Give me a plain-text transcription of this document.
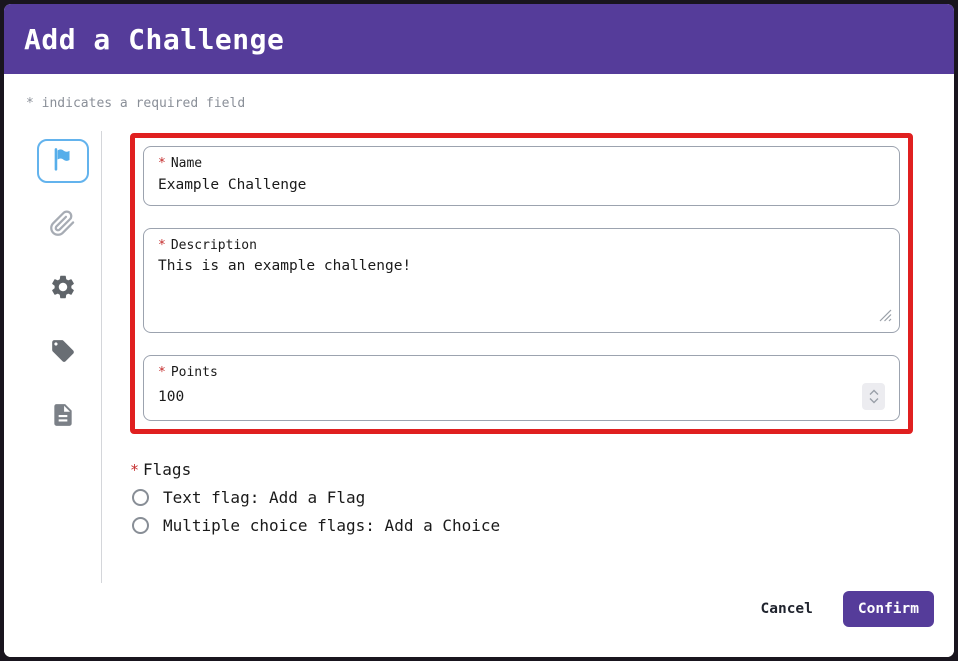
Add a Challenge
* indicates a required field
* Name
Example Challenge
* Description
This is an example challenge!
* Points
100
* Flags
Text flag: Add a Flag
Multiple choice flags: Add a Choice
Cancel	Confirm
